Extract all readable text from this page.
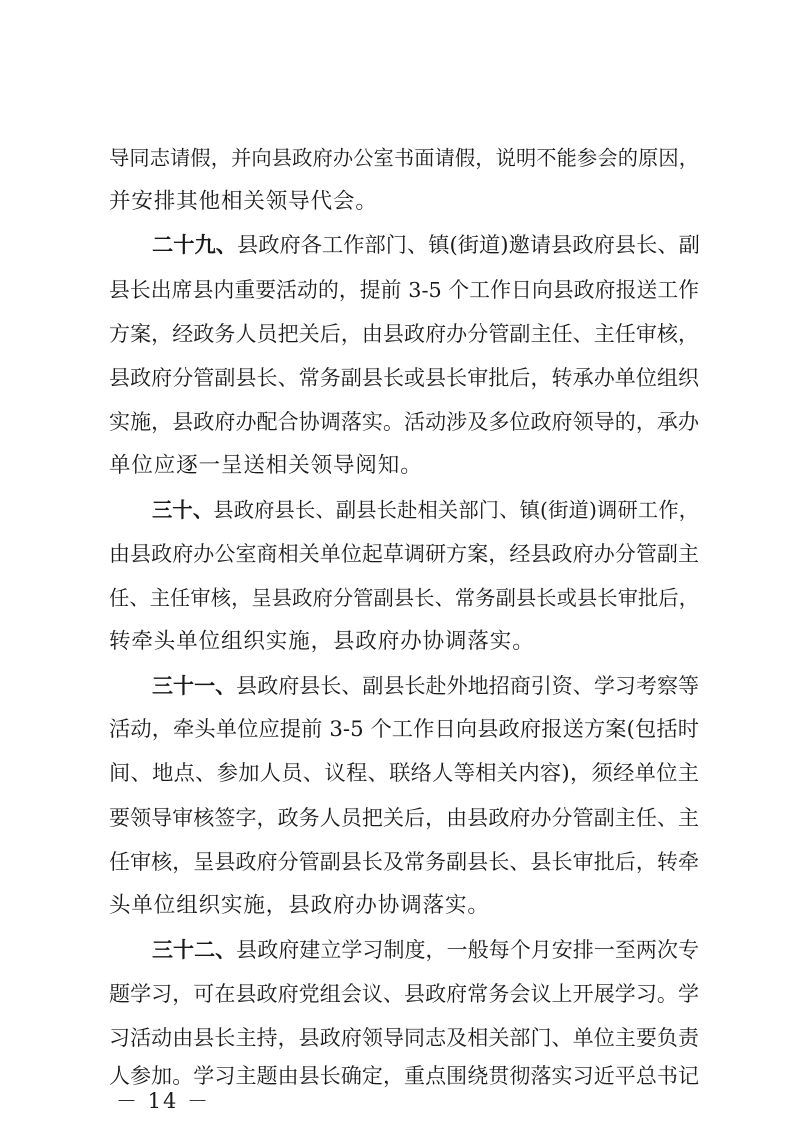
导同志请假，并向县政府办公室书面请假，说明不能参会的原因，
并安排其他相关领导代会。
二十九、县政府各工作部门、镇(街道)邀请县政府县长、副
县长出席县内重要活动的，提前 3-5 个工作日向县政府报送工作
方案，经政务人员把关后，由县政府办分管副主任、主任审核，
县政府分管副县长、常务副县长或县长审批后，转承办单位组织
实施，县政府办配合协调落实。活动涉及多位政府领导的，承办
单位应逐一呈送相关领导阅知。
三十、县政府县长、副县长赴相关部门、镇(街道)调研工作，
由县政府办公室商相关单位起草调研方案，经县政府办分管副主
任、主任审核，呈县政府分管副县长、常务副县长或县长审批后，
转牵头单位组织实施，县政府办协调落实。
三十一、县政府县长、副县长赴外地招商引资、学习考察等
活动，牵头单位应提前 3-5 个工作日向县政府报送方案(包括时
间、地点、参加人员、议程、联络人等相关内容)，须经单位主
要领导审核签字，政务人员把关后，由县政府办分管副主任、主
任审核，呈县政府分管副县长及常务副县长、县长审批后，转牵
头单位组织实施，县政府办协调落实。
三十二、县政府建立学习制度，一般每个月安排一至两次专
题学习，可在县政府党组会议、县政府常务会议上开展学习。学
习活动由县长主持，县政府领导同志及相关部门、单位主要负责
人参加。学习主题由县长确定，重点围绕贯彻落实习近平总书记
－ 14 －
